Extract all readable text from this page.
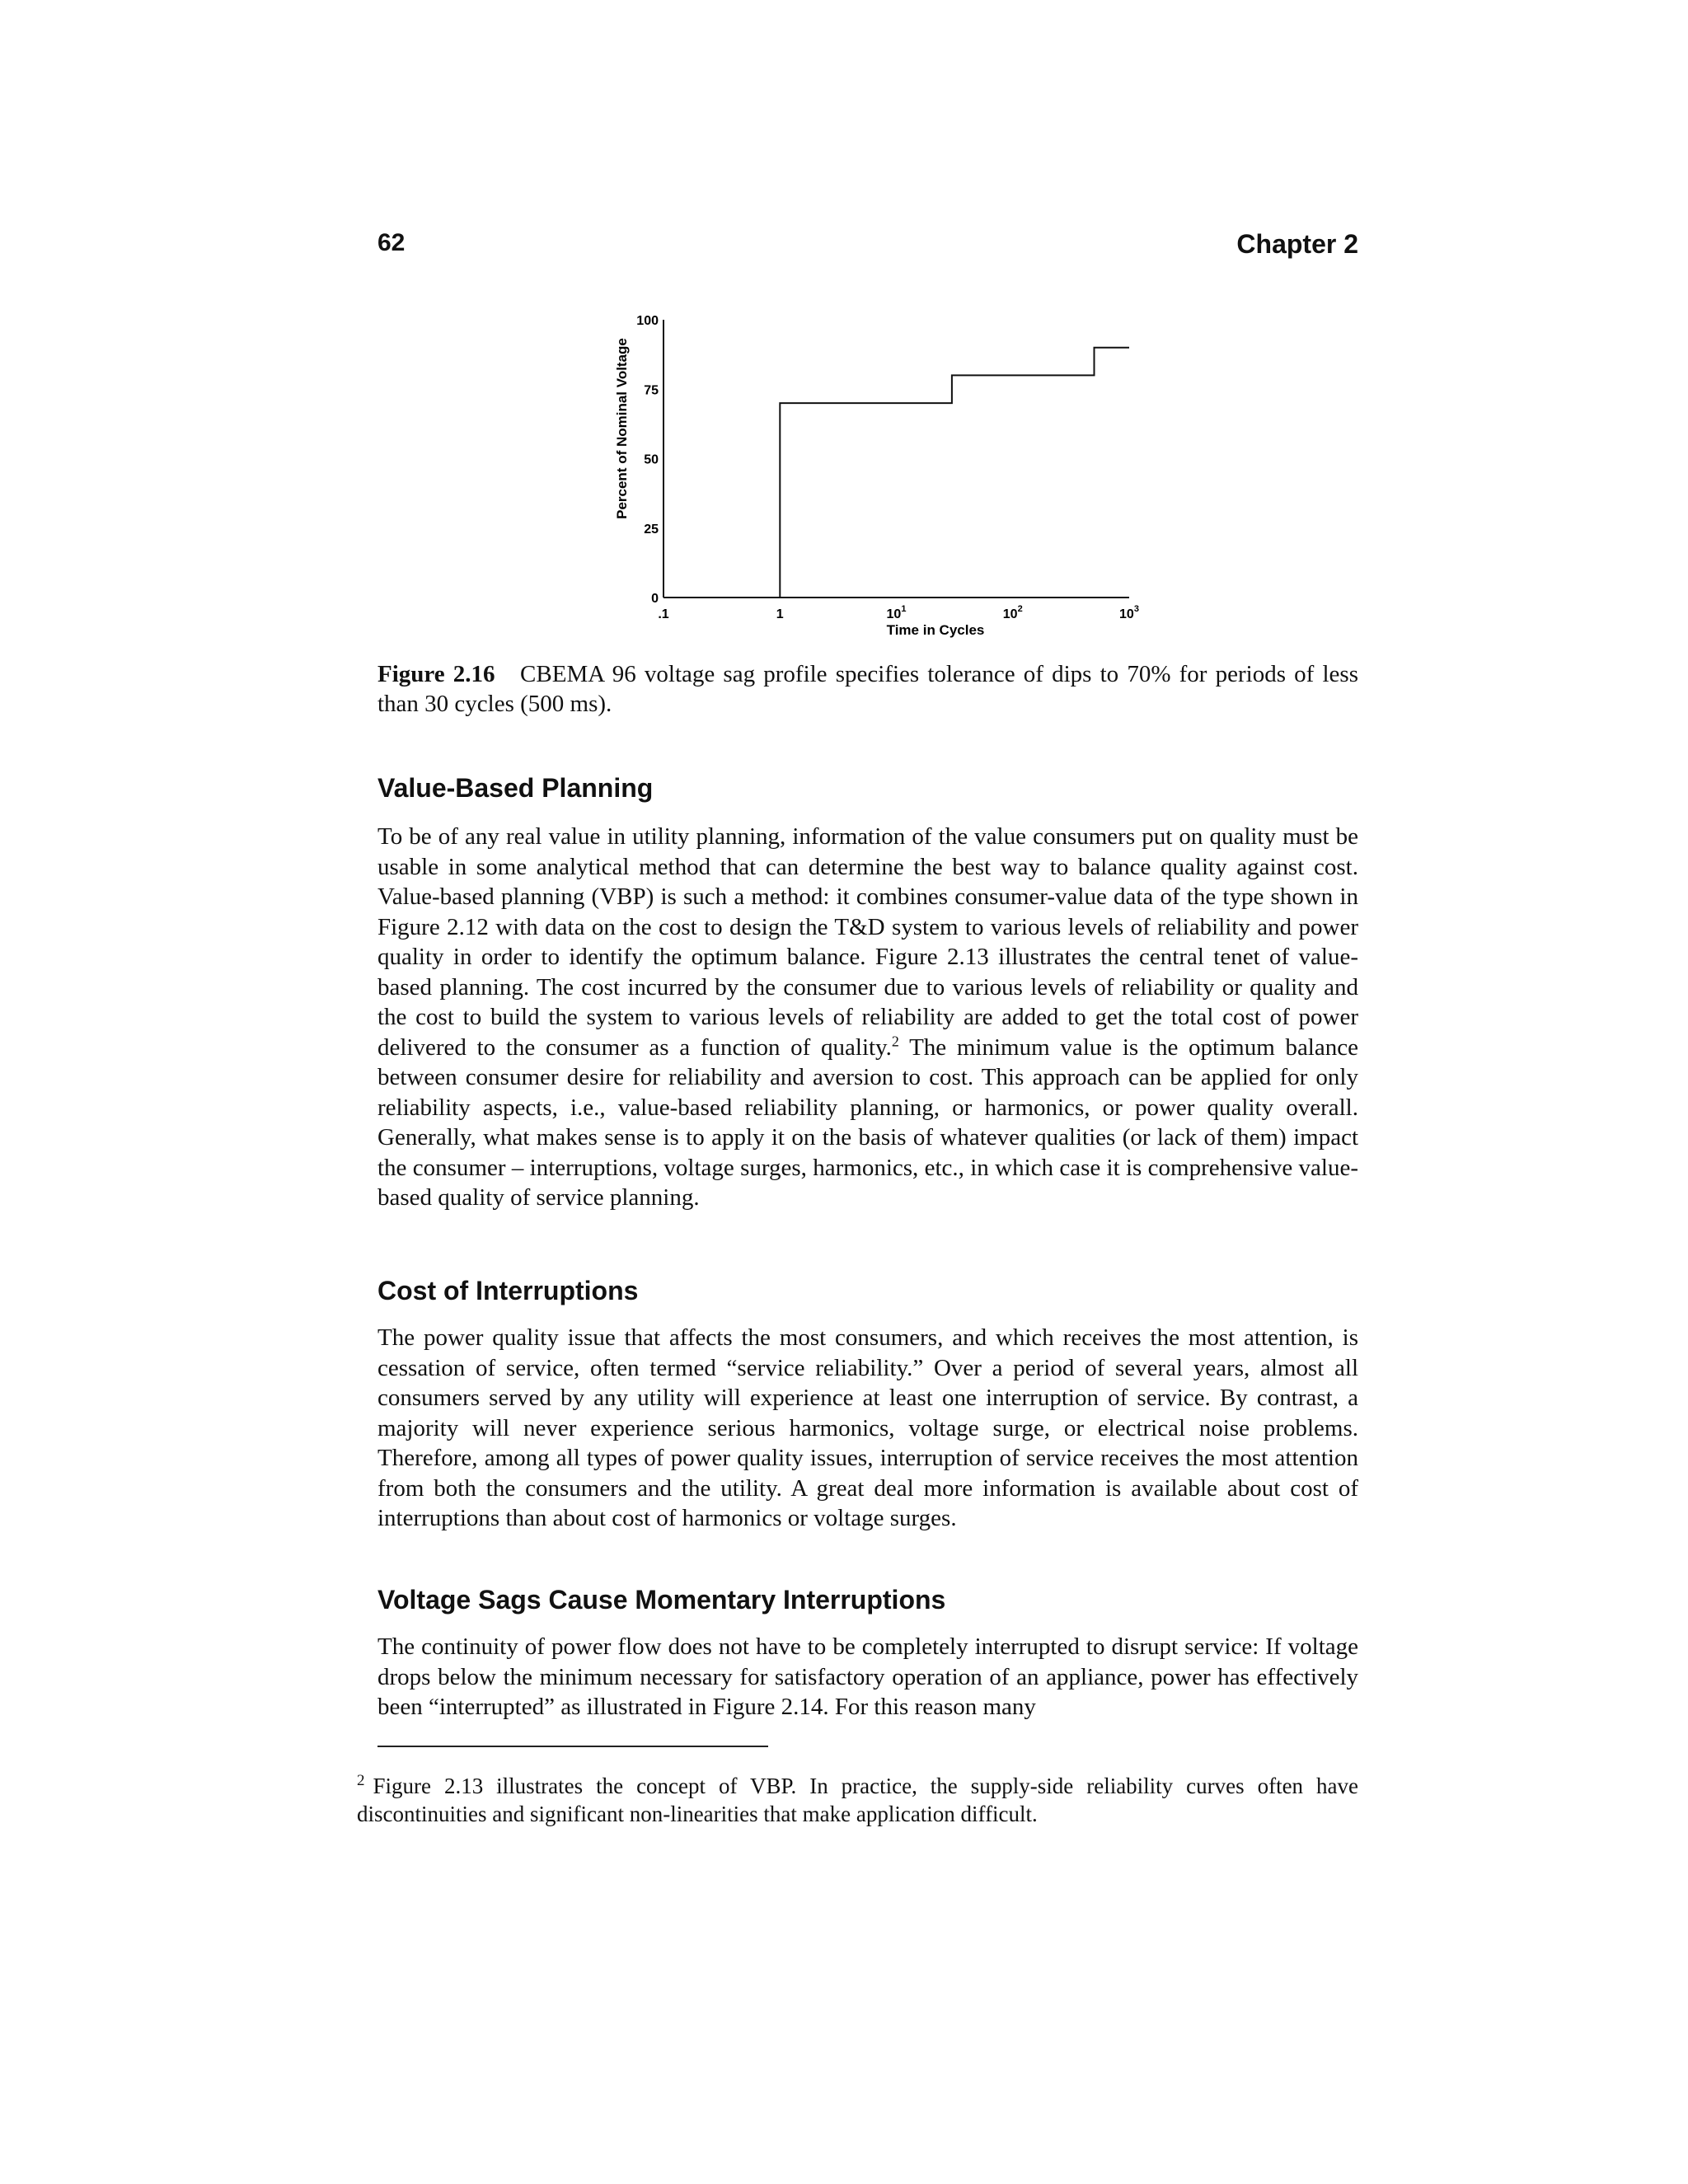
62	Chapter 2
0
25
50
75
100
.1	1	$10^1$	$10^2$	$10^3$
Percent of Nominal Voltage
Time in Cycles
Figure 2.16 CBEMA 96 voltage sag profile specifies tolerance of dips to 70% for periods of less than 30 cycles (500 ms).
Value-Based Planning

To be of any real value in utility planning, information of the value consumers put on quality must be usable in some analytical method that can determine the best way to balance quality against cost. Value-based planning (VBP) is such a method: it combines consumer-value data of the type shown in Figure 2.12 with data on the cost to design the T&D system to various levels of reliability and power quality in order to identify the optimum balance. Figure 2.13 illustrates the central tenet of value-based planning. The cost incurred by the consumer due to various levels of reliability or quality and the cost to build the system to various levels of reliability are added to get the total cost of power delivered to the consumer as a function of quality.$^2$ The minimum value is the optimum balance between consumer desire for reliability and aversion to cost. This approach can be applied for only reliability aspects, i.e., value-based reliability planning, or harmonics, or power quality overall. Generally, what makes sense is to apply it on the basis of whatever qualities (or lack of them) impact the consumer – interruptions, voltage surges, harmonics, etc., in which case it is comprehensive value-based quality of service planning.

Cost of Interruptions

The power quality issue that affects the most consumers, and which receives the most attention, is cessation of service, often termed “service reliability.” Over a period of several years, almost all consumers served by any utility will experience at least one interruption of service. By contrast, a majority will never experience serious harmonics, voltage surge, or electrical noise problems. Therefore, among all types of power quality issues, interruption of service receives the most attention from both the consumers and the utility. A great deal more information is available about cost of interruptions than about cost of harmonics or voltage surges.

Voltage Sags Cause Momentary Interruptions

The continuity of power flow does not have to be completely interrupted to disrupt service: If voltage drops below the minimum necessary for satisfactory operation of an appliance, power has effectively been “interrupted” as illustrated in Figure 2.14. For this reason many

$^2$ Figure 2.13 illustrates the concept of VBP. In practice, the supply-side reliability curves often have discontinuities and significant non-linearities that make application difficult.
